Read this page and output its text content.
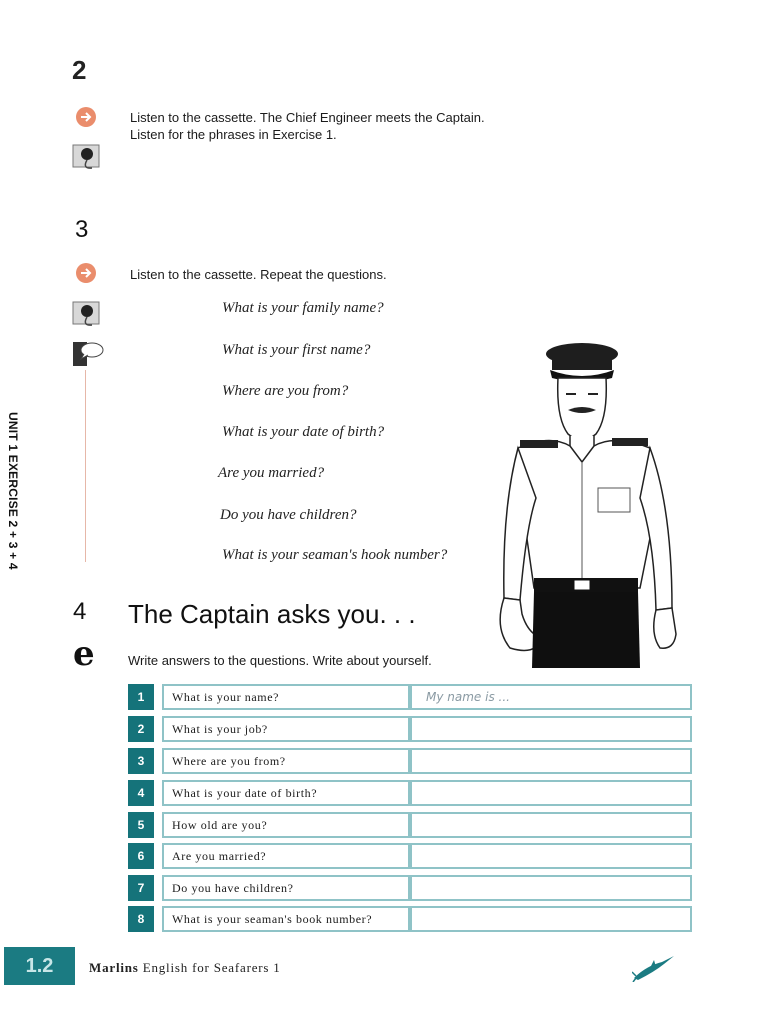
UNIT 1 EXERCISE 2 + 3 + 4
2
Listen to the cassette. The Chief Engineer meets the Captain.
Listen for the phrases in Exercise 1.
3
Listen to the cassette. Repeat the questions.
What is your family name?
What is your first name?
Where are you from?
What is your date of birth?
Are you married?
Do you have children?
What is your seaman's hook number?
4 The Captain asks you. . .
e	Write answers to the questions. Write about yourself.
1	What is your name?	My name is ...
2	What is your job?
3	Where are you from?
4	What is your date of birth?
5	How old are you?
6	Are you married?
7	Do you have children?
8	What is your seaman's book number?
1.2	Marlins English for Seafarers 1
